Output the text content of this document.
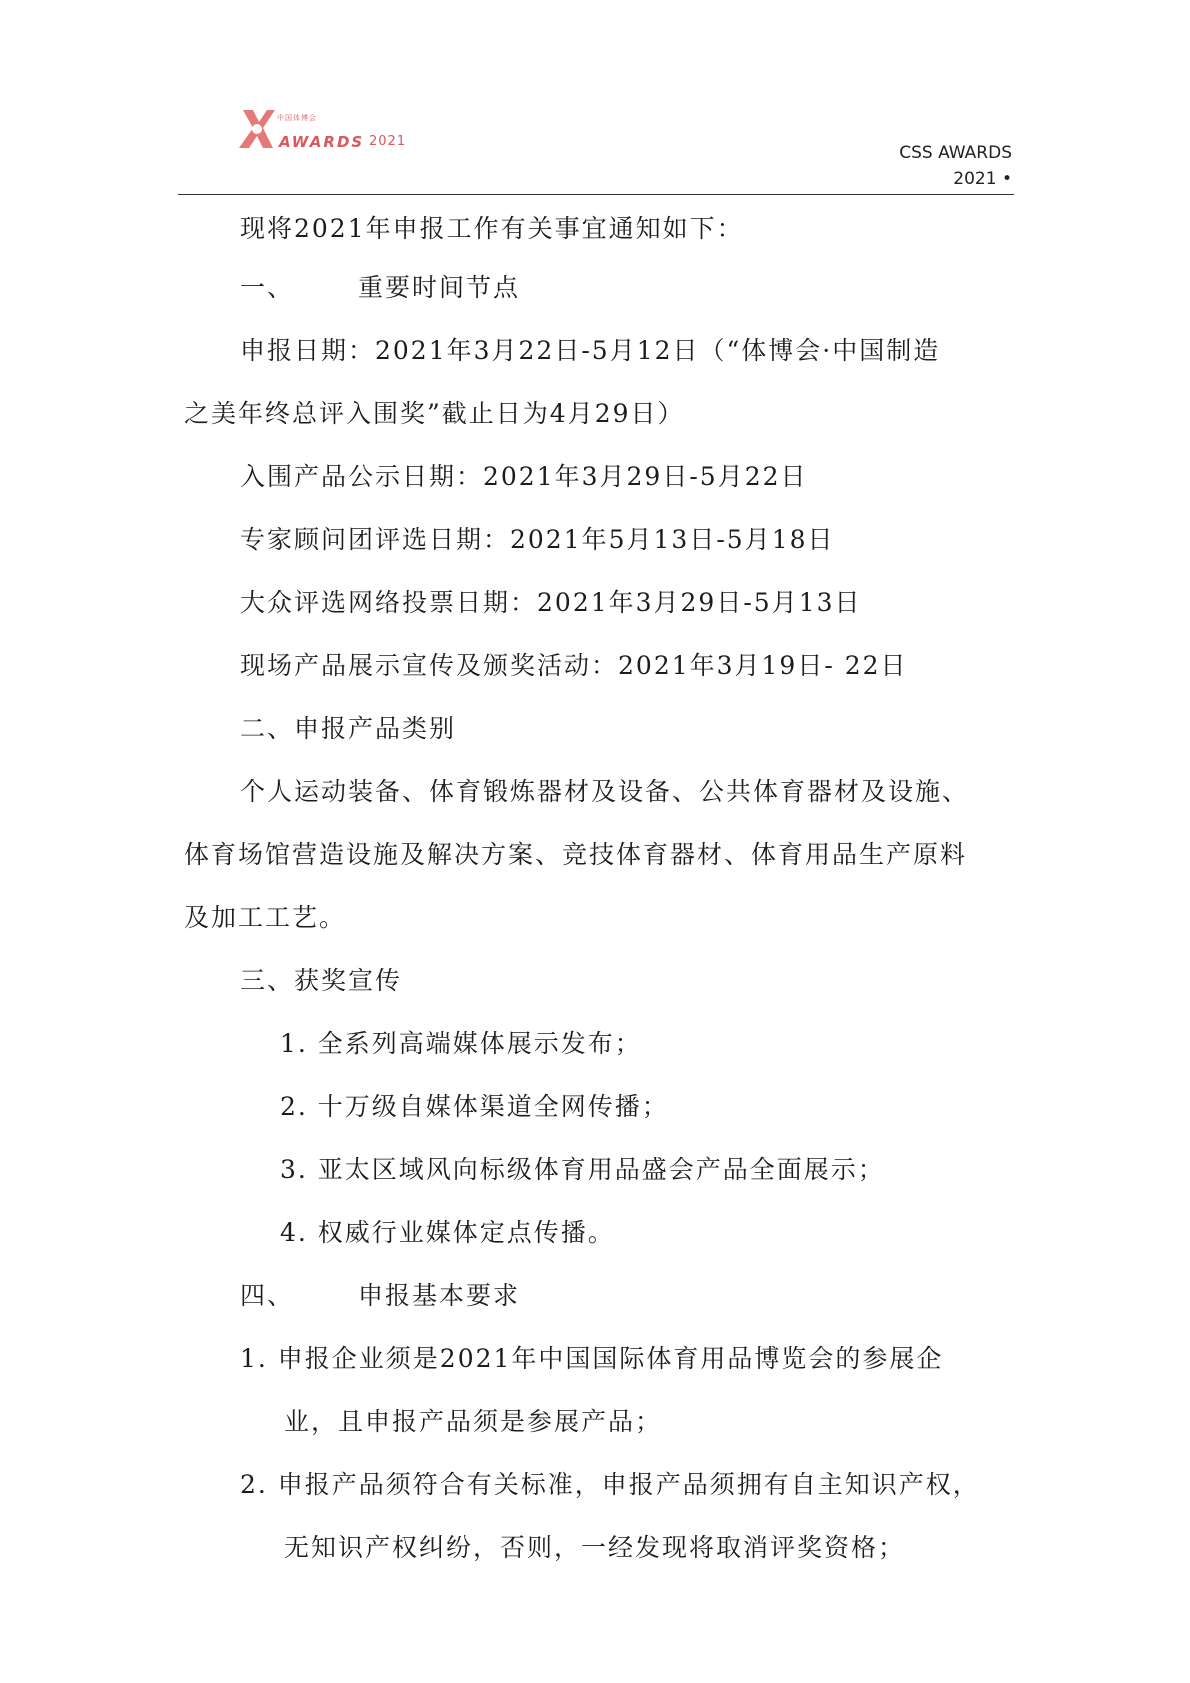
中国体博会
AWARDS 2021
CSS AWARDS
2021 •
现将2021年申报工作有关事宜通知如下：
一、	重要时间节点
申报日期：2021年3月22日-5月12日（“体博会·中国制造
之美年终总评入围奖”截止日为4月29日）
入围产品公示日期：2021年3月29日-5月22日
专家顾问团评选日期：2021年5月13日-5月18日
大众评选网络投票日期：2021年3月29日-5月13日
现场产品展示宣传及颁奖活动：2021年3月19日- 22日
二、申报产品类别
个人运动装备、体育锻炼器材及设备、公共体育器材及设施、
体育场馆营造设施及解决方案、竞技体育器材、体育用品生产原料
及加工工艺。
三、获奖宣传
1. 全系列高端媒体展示发布；
2. 十万级自媒体渠道全网传播；
3. 亚太区域风向标级体育用品盛会产品全面展示；
4. 权威行业媒体定点传播。
四、	申报基本要求
1. 申报企业须是2021年中国国际体育用品博览会的参展企
业，且申报产品须是参展产品；
2. 申报产品须符合有关标准，申报产品须拥有自主知识产权，
无知识产权纠纷，否则，一经发现将取消评奖资格；
